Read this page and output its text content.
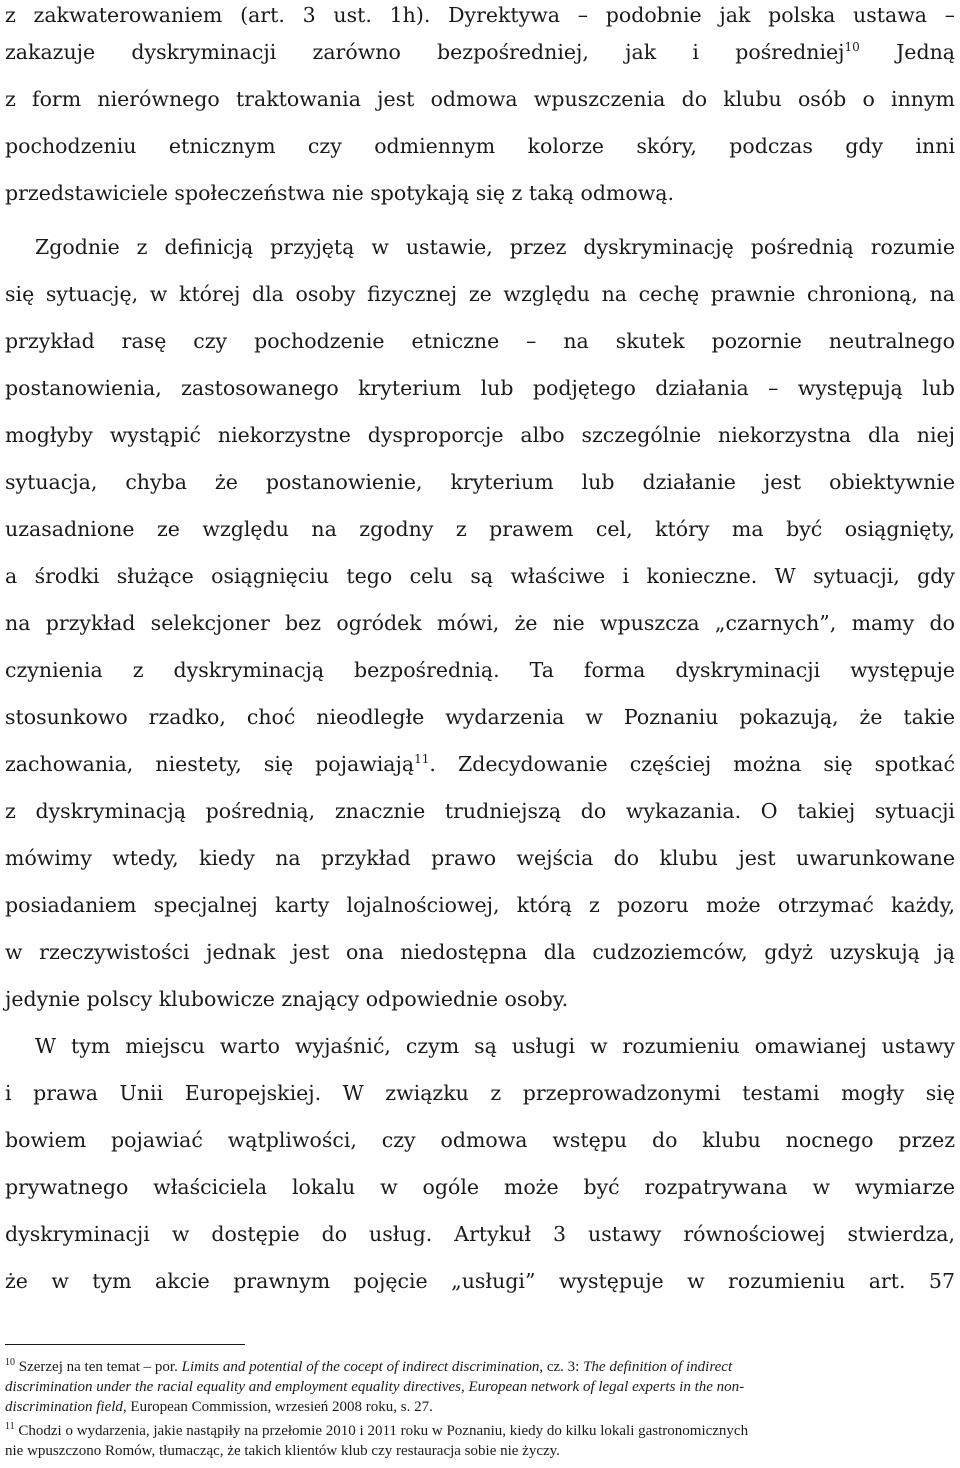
z zakwaterowaniem (art. 3 ust. 1h). Dyrektywa – podobnie jak polska ustawa –
zakazuje dyskryminacji zarówno bezpośredniej, jak i pośredniej$^{10}$ Jedną
z form nierównego traktowania jest odmowa wpuszczenia do klubu osób o innym
pochodzeniu etnicznym czy odmiennym kolorze skóry, podczas gdy inni
przedstawiciele społeczeństwa nie spotykają się z taką odmową.
Zgodnie z definicją przyjętą w ustawie, przez dyskryminację pośrednią rozumie
się sytuację, w której dla osoby fizycznej ze względu na cechę prawnie chronioną, na
przykład rasę czy pochodzenie etniczne – na skutek pozornie neutralnego
postanowienia, zastosowanego kryterium lub podjętego działania – występują lub
mogłyby wystąpić niekorzystne dysproporcje albo szczególnie niekorzystna dla niej
sytuacja, chyba że postanowienie, kryterium lub działanie jest obiektywnie
uzasadnione ze względu na zgodny z prawem cel, który ma być osiągnięty,
a środki służące osiągnięciu tego celu są właściwe i konieczne. W sytuacji, gdy
na przykład selekcjoner bez ogródek mówi, że nie wpuszcza „czarnych”, mamy do
czynienia z dyskryminacją bezpośrednią. Ta forma dyskryminacji występuje
stosunkowo rzadko, choć nieodległe wydarzenia w Poznaniu pokazują, że takie
zachowania, niestety, się pojawiają$^{11}$. Zdecydowanie częściej można się spotkać
z dyskryminacją pośrednią, znacznie trudniejszą do wykazania. O takiej sytuacji
mówimy wtedy, kiedy na przykład prawo wejścia do klubu jest uwarunkowane
posiadaniem specjalnej karty lojalnościowej, którą z pozoru może otrzymać każdy,
w rzeczywistości jednak jest ona niedostępna dla cudzoziemców, gdyż uzyskują ją
jedynie polscy klubowicze znający odpowiednie osoby.
W tym miejscu warto wyjaśnić, czym są usługi w rozumieniu omawianej ustawy
i prawa Unii Europejskiej. W związku z przeprowadzonymi testami mogły się
bowiem pojawiać wątpliwości, czy odmowa wstępu do klubu nocnego przez
prywatnego właściciela lokalu w ogóle może być rozpatrywana w wymiarze
dyskryminacji w dostępie do usług. Artykuł 3 ustawy równościowej stwierdza,
że w tym akcie prawnym pojęcie „usługi” występuje w rozumieniu art. 57
$^{10}$ Szerzej na ten temat – por. Limits and potential of the cocept of indirect discrimination, cz. 3: The definition of indirect
discrimination under the racial equality and employment equality directives, European network of legal experts in the non-
discrimination field, European Commission, wrzesień 2008 roku, s. 27.
$^{11}$ Chodzi o wydarzenia, jakie nastąpiły na przełomie 2010 i 2011 roku w Poznaniu, kiedy do kilku lokali gastronomicznych
nie wpuszczono Romów, tłumacząc, że takich klientów klub czy restauracja sobie nie życzy.
